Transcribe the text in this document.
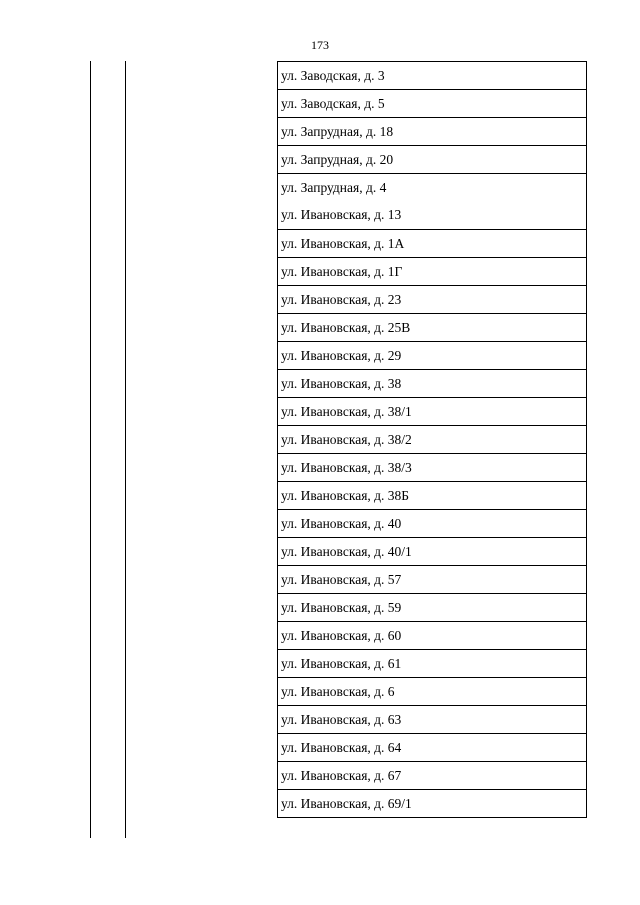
173
ул. Заводская, д. 3
ул. Заводская, д. 5
ул. Запрудная, д. 18
ул. Запрудная, д. 20
ул. Запрудная, д. 4
ул. Ивановская, д. 13
ул. Ивановская, д. 1А
ул. Ивановская, д. 1Г
ул. Ивановская, д. 23
ул. Ивановская, д. 25В
ул. Ивановская, д. 29
ул. Ивановская, д. 38
ул. Ивановская, д. 38/1
ул. Ивановская, д. 38/2
ул. Ивановская, д. 38/3
ул. Ивановская, д. 38Б
ул. Ивановская, д. 40
ул. Ивановская, д. 40/1
ул. Ивановская, д. 57
ул. Ивановская, д. 59
ул. Ивановская, д. 60
ул. Ивановская, д. 61
ул. Ивановская, д. 6
ул. Ивановская, д. 63
ул. Ивановская, д. 64
ул. Ивановская, д. 67
ул. Ивановская, д. 69/1
